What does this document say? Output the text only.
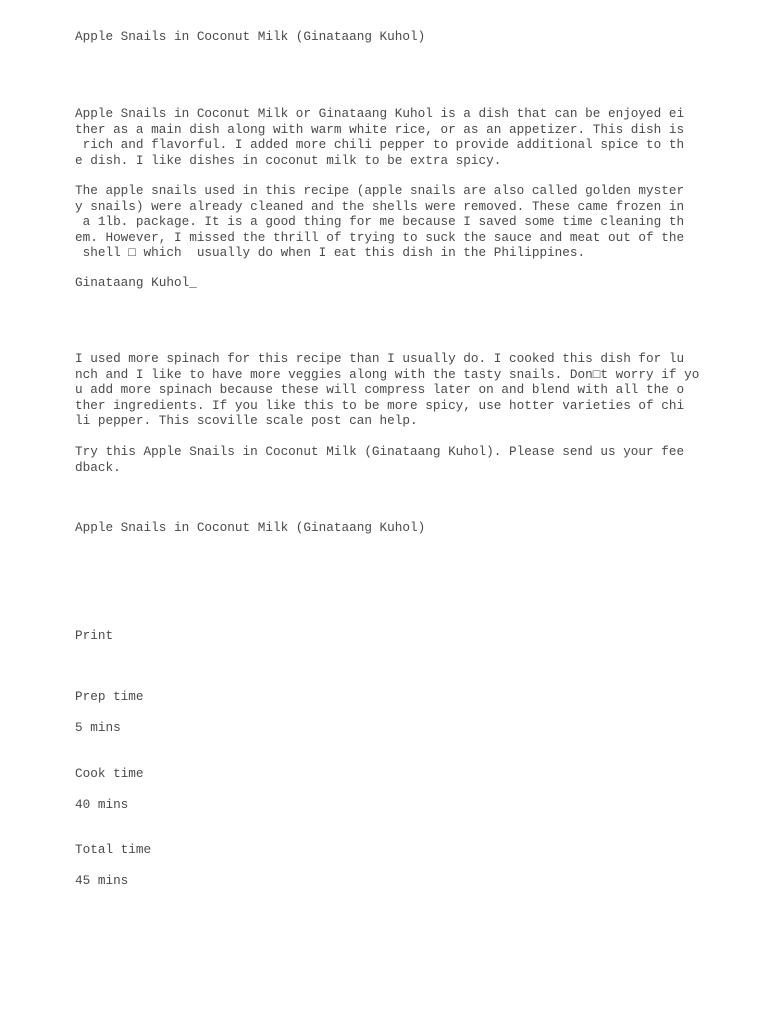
Apple Snails in Coconut Milk (Ginataang Kuhol)

Apple Snails in Coconut Milk or Ginataang Kuhol is a dish that can be enjoyed ei
ther as a main dish along with warm white rice, or as an appetizer. This dish is
rich and flavorful. I added more chili pepper to provide additional spice to th
e dish. I like dishes in coconut milk to be extra spicy.

The apple snails used in this recipe (apple snails are also called golden myster
y snails) were already cleaned and the shells were removed. These came frozen in
a 1lb. package. It is a good thing for me because I saved some time cleaning th
em. However, I missed the thrill of trying to suck the sauce and meat out of the
shell □ which  usually do when I eat this dish in the Philippines.

Ginataang Kuhol_

I used more spinach for this recipe than I usually do. I cooked this dish for lu
nch and I like to have more veggies along with the tasty snails. Don□t worry if yo
u add more spinach because these will compress later on and blend with all the o
ther ingredients. If you like this to be more spicy, use hotter varieties of chi
li pepper. This scoville scale post can help.

Try this Apple Snails in Coconut Milk (Ginataang Kuhol). Please send us your fee
dback.

Apple Snails in Coconut Milk (Ginataang Kuhol)

Print

Prep time

5 mins

Cook time

40 mins

Total time

45 mins
